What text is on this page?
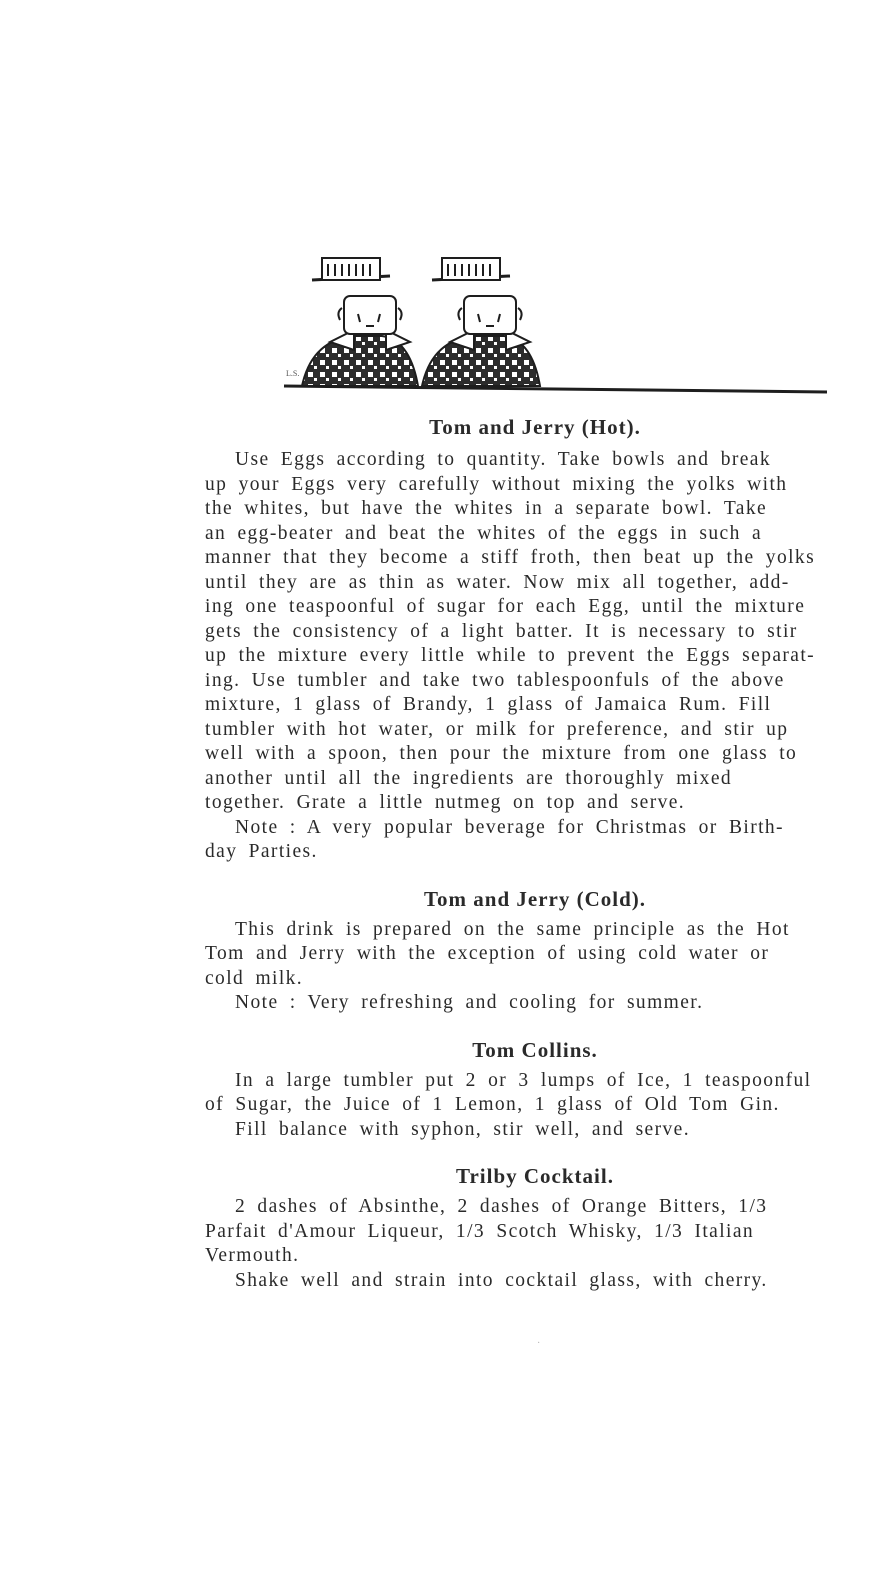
L.S.
Tom and Jerry (Hot).

Use Eggs according to quantity. Take bowls and break

up your Eggs very carefully without mixing the yolks with

the whites, but have the whites in a separate bowl. Take

an egg-beater and beat the whites of the eggs in such a

manner that they become a stiff froth, then beat up the yolks

until they are as thin as water. Now mix all together, add-

ing one teaspoonful of sugar for each Egg, until the mixture

gets the consistency of a light batter. It is necessary to stir

up the mixture every little while to prevent the Eggs separat-

ing. Use tumbler and take two tablespoonfuls of the above

mixture, 1 glass of Brandy, 1 glass of Jamaica Rum. Fill

tumbler with hot water, or milk for preference, and stir up

well with a spoon, then pour the mixture from one glass to

another until all the ingredients are thoroughly mixed

together. Grate a little nutmeg on top and serve.

Note : A very popular beverage for Christmas or Birth-

day Parties.

Tom and Jerry (Cold).

This drink is prepared on the same principle as the Hot

Tom and Jerry with the exception of using cold water or

cold milk.

Note : Very refreshing and cooling for summer.

Tom Collins.

In a large tumbler put 2 or 3 lumps of Ice, 1 teaspoonful

of Sugar, the Juice of 1 Lemon, 1 glass of Old Tom Gin.

Fill balance with syphon, stir well, and serve.

Trilby Cocktail.

2 dashes of Absinthe, 2 dashes of Orange Bitters, 1/3

Parfait d'Amour Liqueur, 1/3 Scotch Whisky, 1/3 Italian

Vermouth.

Shake well and strain into cocktail glass, with cherry.

·
